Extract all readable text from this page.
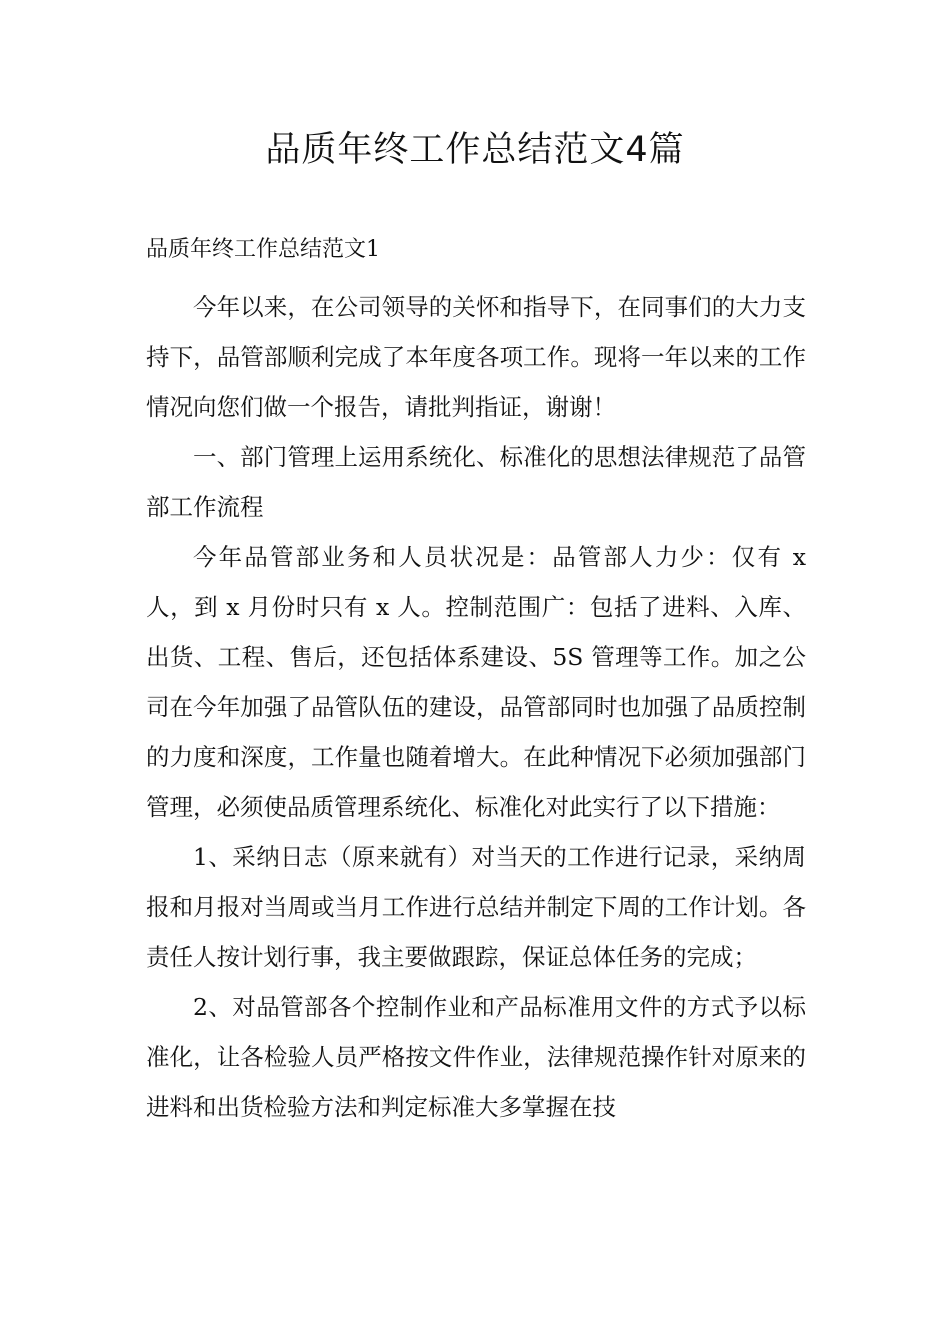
品质年终工作总结范文4篇

品质年终工作总结范文1

今年以来，在公司领导的关怀和指导下，在同事们的大力支持下，品管部顺利完成了本年度各项工作。现将一年以来的工作情况向您们做一个报告，请批判指证，谢谢！

一、部门管理上运用系统化、标准化的思想法律规范了品管部工作流程

今年品管部业务和人员状况是：品管部人力少：仅有 x 人，到 x 月份时只有 x 人。控制范围广：包括了进料、入库、出货、工程、售后，还包括体系建设、5S 管理等工作。加之公司在今年加强了品管队伍的建设，品管部同时也加强了品质控制的力度和深度，工作量也随着增大。在此种情况下必须加强部门管理，必须使品质管理系统化、标准化对此实行了以下措施：

1、采纳日志（原来就有）对当天的工作进行记录，采纳周报和月报对当周或当月工作进行总结并制定下周的工作计划。各责任人按计划行事，我主要做跟踪，保证总体任务的完成；

2、对品管部各个控制作业和产品标准用文件的方式予以标准化，让各检验人员严格按文件作业，法律规范操作针对原来的进料和出货检验方法和判定标准大多掌握在技
